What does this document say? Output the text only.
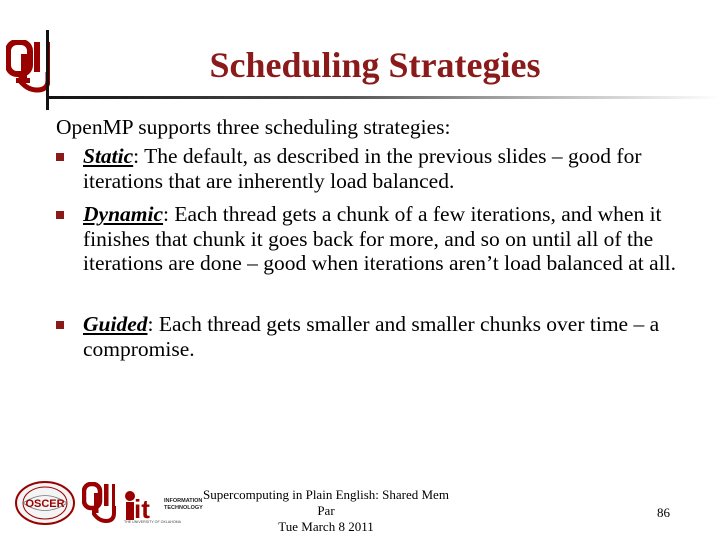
Scheduling Strategies
OpenMP supports three scheduling strategies:
Static: The default, as described in the previous slides – good for iterations that are inherently load balanced.
Dynamic: Each thread gets a chunk of a few iterations, and when it finishes that chunk it goes back for more, and so on until all of the iterations are done – good when iterations aren’t load balanced at all.
Guided: Each thread gets smaller and smaller chunks over time – a compromise.
OSCER	it	INFORMATION
TECHNOLOGY
THE UNIVERSITY OF OKLAHOMA
Supercomputing in Plain English: Shared Mem Par
Tue March 8 2011
86
